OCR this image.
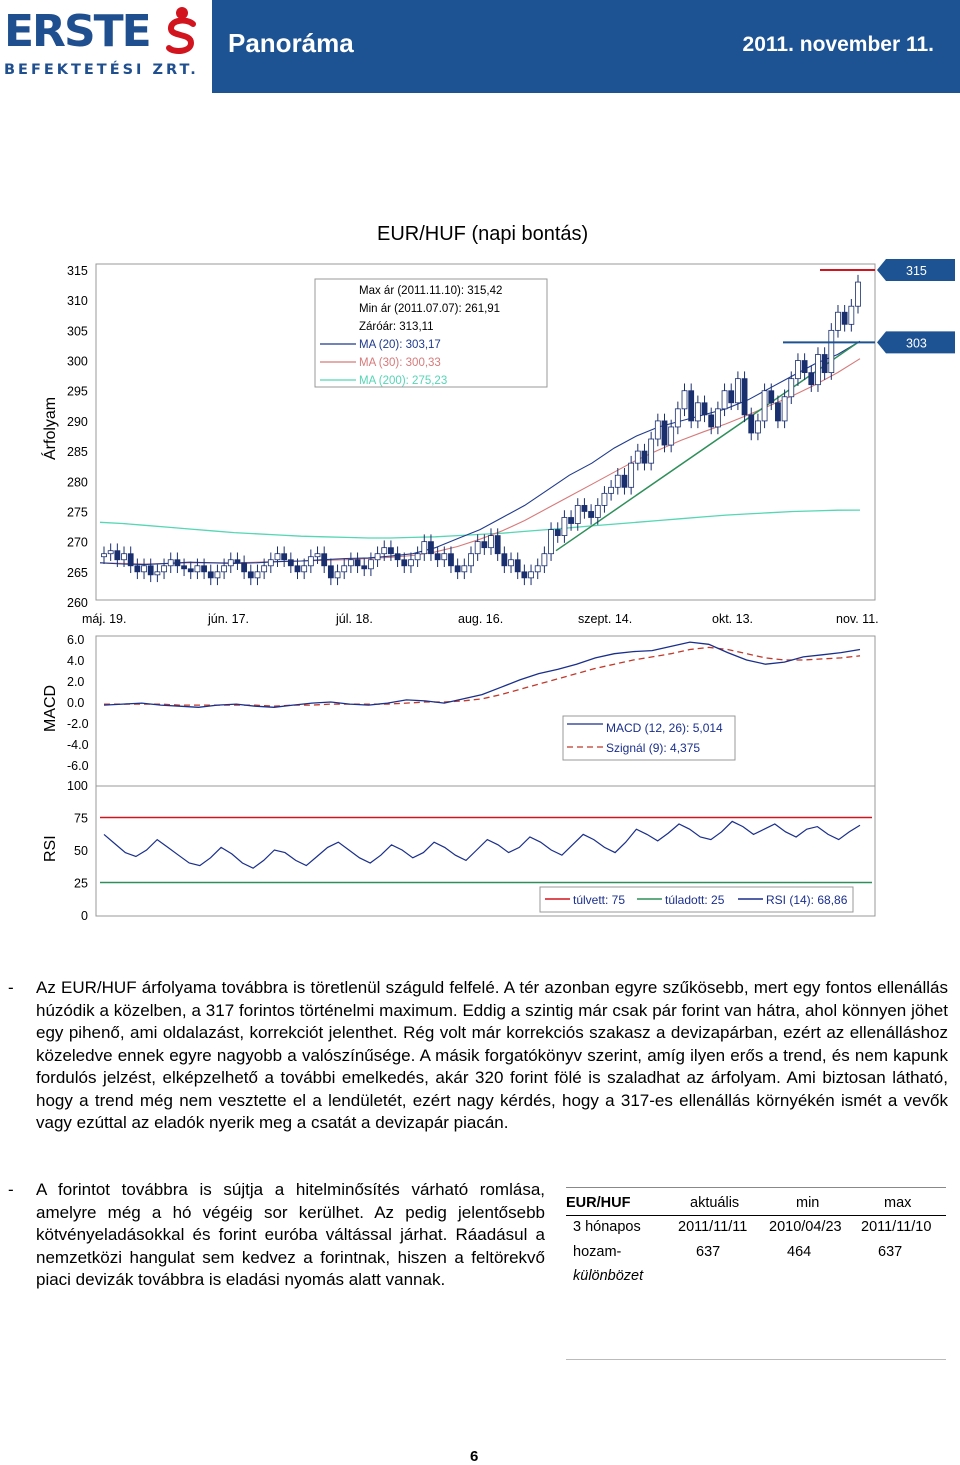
ERSTE
BEFEKTETÉSI ZRT.
Panoráma	2011. november 11.
EUR/HUF (napi bontás)
315
310
305
300
295
290
285
280
275
270
265
260
máj. 19.	jún. 17.	júl. 18.	aug. 16.	szept. 14.	okt. 13.	nov. 11.
315
303
Max ár (2011.11.10): 315,42
Min ár (2011.07.07): 261,91
Záróár: 313,11
MA (20): 303,17
MA (30): 300,33
MA (200): 275,23
6.0
4.0
2.0
0.0
-2.0
-4.0
-6.0
MACD (12, 26): 5,014
Szignál (9): 4,375
100
75
50
25
0
túlvett: 75	túladott: 25	RSI (14): 68,86
Árfolyam
MACD
RSI
- Az EUR/HUF árfolyama továbbra is töretlenül száguld felfelé. A tér azonban egyre szűkösebb, mert egy fontos ellenállás húzódik a közelben, a 317 forintos történelmi maximum. Eddig a szintig már csak pár forint van hátra, ahol könnyen jöhet egy pihenő, ami oldalazást, korrekciót jelenthet. Rég volt már korrekciós szakasz a devizapárban, ezért az ellenálláshoz közeledve ennek egyre nagyobb a valószínűsége. A másik forgatókönyv szerint, amíg ilyen erős a trend, és nem kapunk fordulós jelzést, elképzelhető a további emelkedés, akár 320 forint fölé is szaladhat az árfolyam. Ami biztosan látható, hogy a trend még nem vesztette el a lendületét, ezért nagy kérdés, hogy a 317-es ellenállás környékén ismét a vevők vagy ezúttal az eladók nyerik meg a csatát a devizapár piacán.
- A forintot továbbra is sújtja a hitelminősítés várható romlása, amelyre még a hó végéig sor kerülhet. Az pedig jelentősebb kötvényeladásokkal és forint euróba váltással járhat. Ráadásul a nemzetközi hangulat sem kedvez a forintnak, hiszen a feltörekvő piaci devizák továbbra is eladási nyomás alatt vannak.
EUR/HUF	aktuális	min	max
3 hónapos	2011/11/11 2010/04/23 2011/11/10
hozam-	637	464	637
különbözet
6
